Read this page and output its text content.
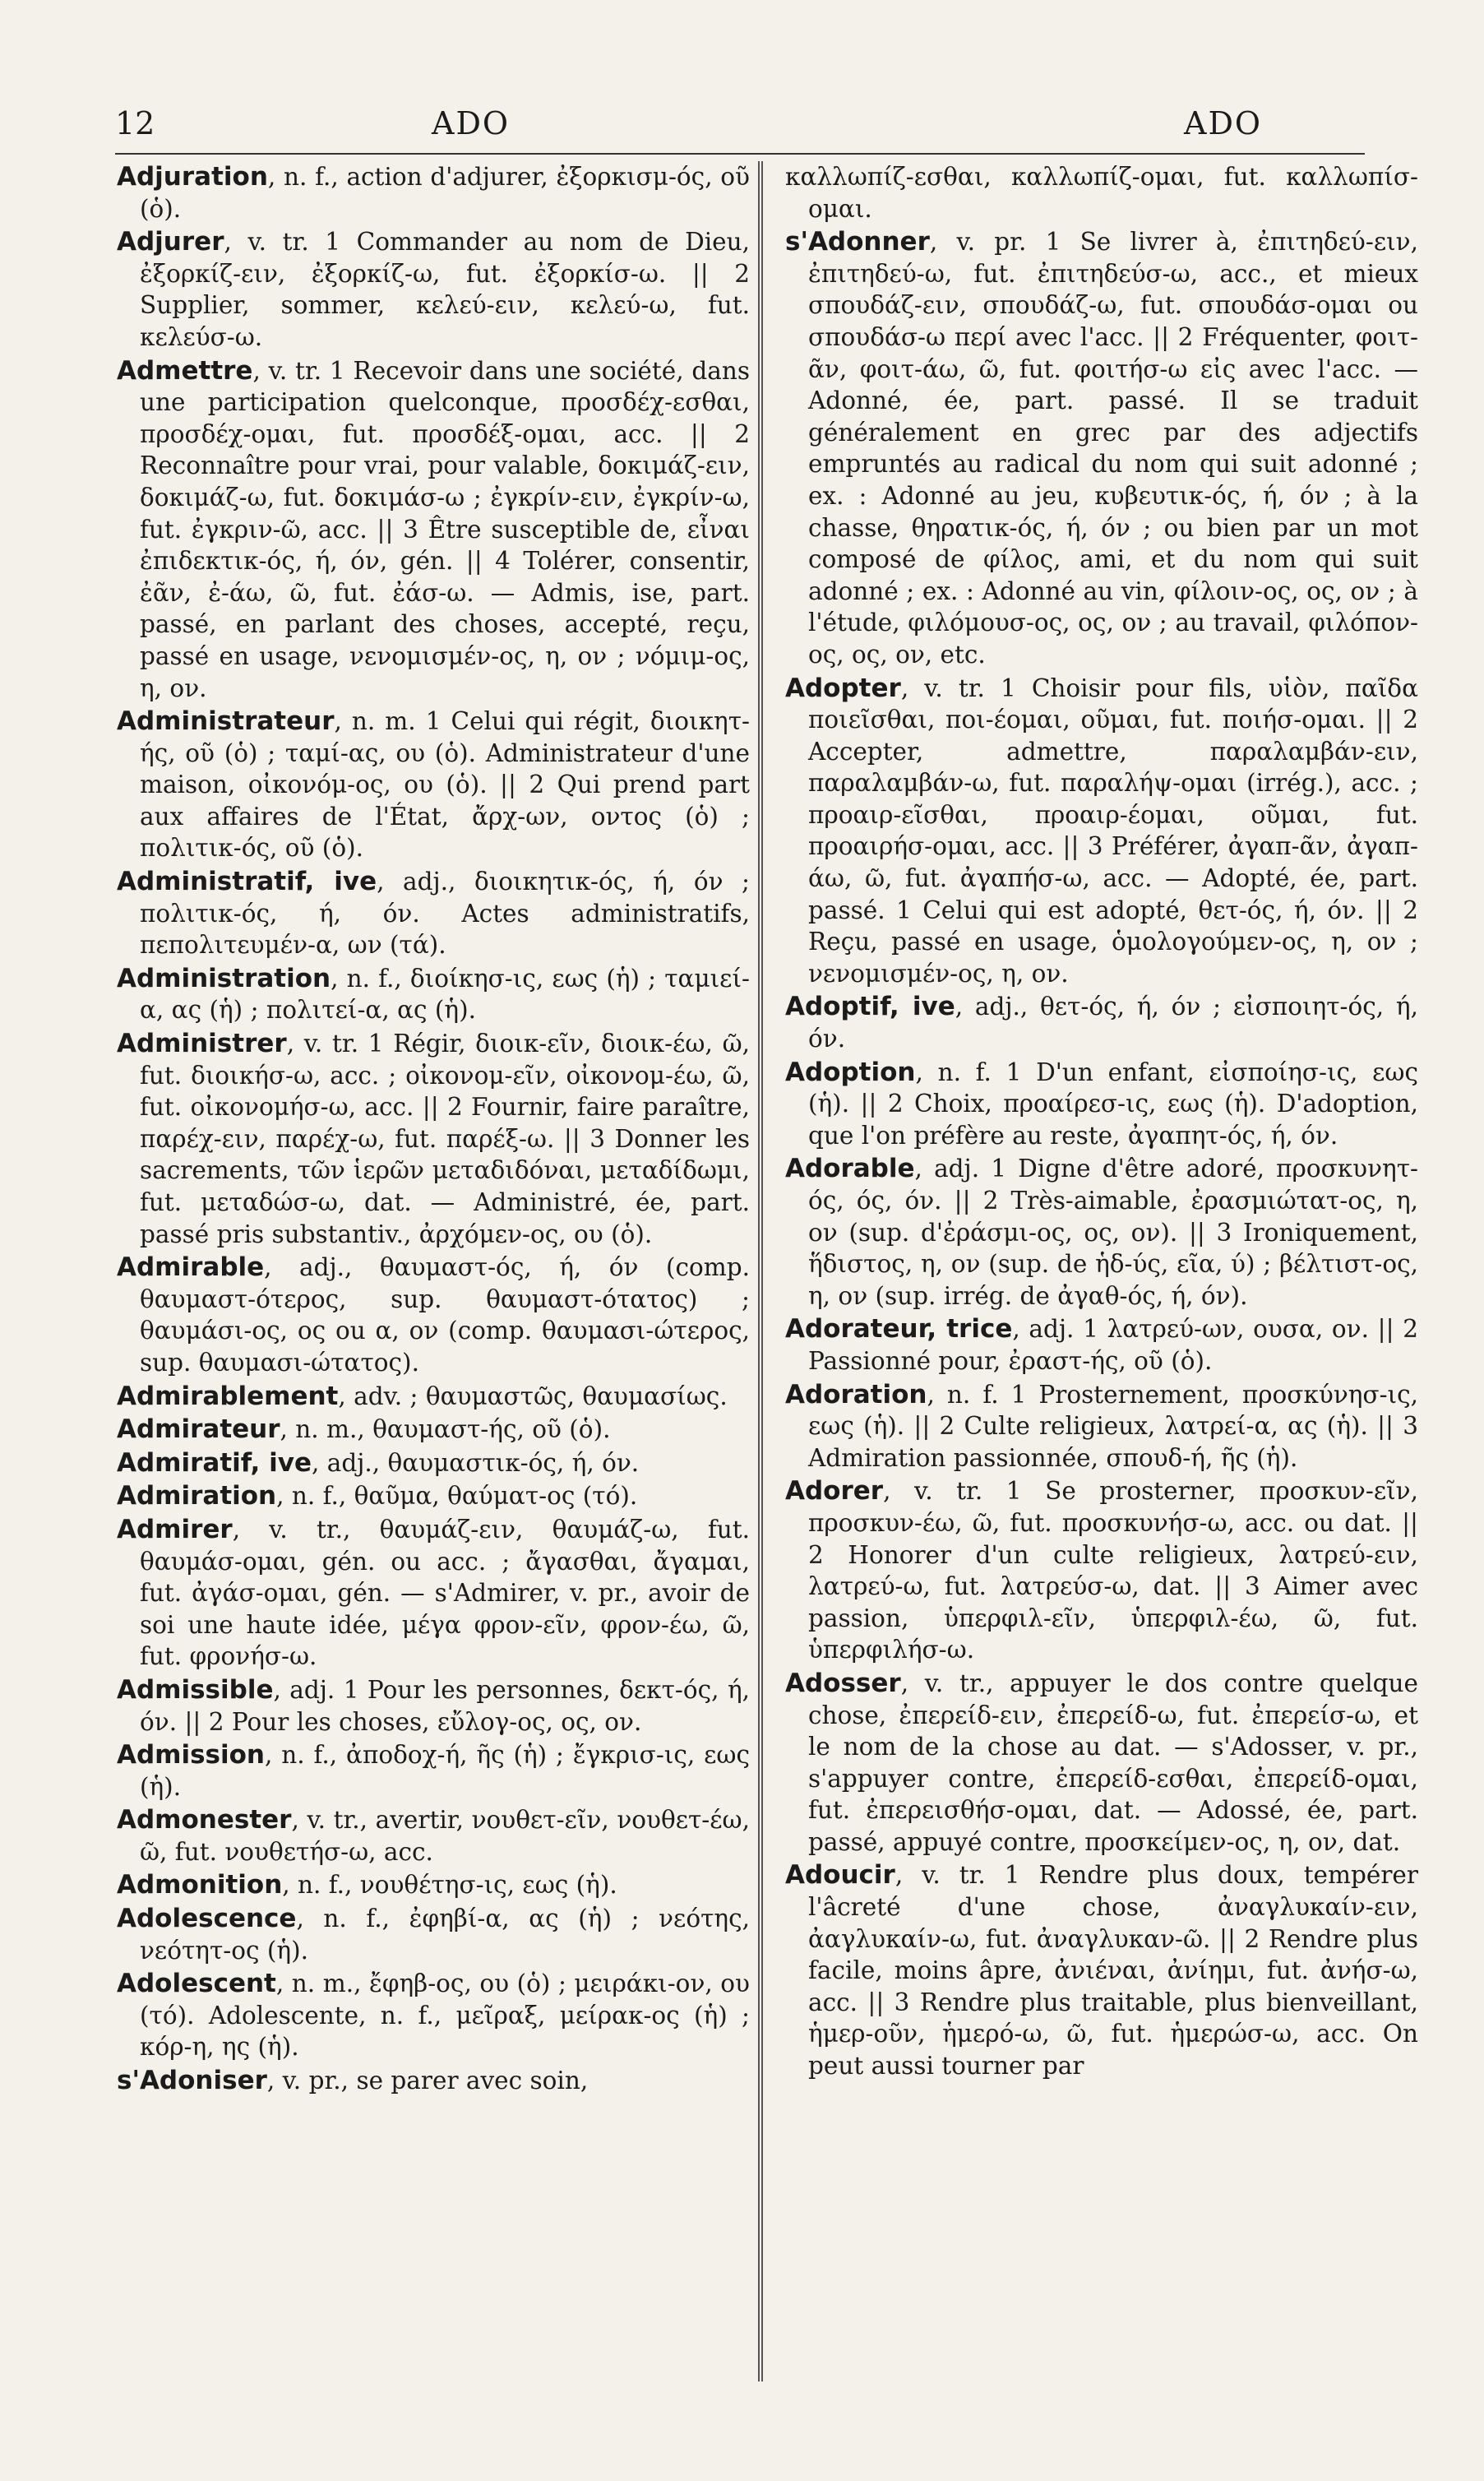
12	ADO	ADO

Adjuration, n. f., action d'adjurer, ἐξορκισμ-ός, οῦ (ὁ).

Adjurer, v. tr. 1 Commander au nom de Dieu, ἐξορκίζ-ειν, ἐξορκίζ-ω, fut. ἐξορκίσ-ω. || 2 Supplier, sommer, κελεύ-ειν, κελεύ-ω, fut. κελεύσ-ω.

Admettre, v. tr. 1 Recevoir dans une société, dans une participation quelconque, προσδέχ-εσθαι, προσδέχ-ομαι, fut. προσδέξ-ομαι, acc. || 2 Reconnaître pour vrai, pour valable, δοκιμάζ-ειν, δοκιμάζ-ω, fut. δοκιμάσ-ω ; ἐγκρίν-ειν, ἐγκρίν-ω, fut. ἐγκριν-ῶ, acc. || 3 Être susceptible de, εἶναι ἐπιδεκτικ-ός, ή, όν, gén. || 4 Tolérer, consentir, ἐᾶν, ἐ-άω, ῶ, fut. ἐάσ-ω. — Admis, ise, part. passé, en parlant des choses, accepté, reçu, passé en usage, νενομισμέν-ος, η, ον ; νόμιμ-ος, η, ον.

Administrateur, n. m. 1 Celui qui régit, διοικητ-ής, οῦ (ὁ) ; ταμί-ας, ου (ὁ). Administrateur d'une maison, οἰκονόμ-ος, ου (ὁ). || 2 Qui prend part aux affaires de l'État, ἄρχ-ων, οντος (ὁ) ; πολιτικ-ός, οῦ (ὁ).

Administratif, ive, adj., διοικητικ-ός, ή, όν ; πολιτικ-ός, ή, όν. Actes administratifs, πεπολιτευμέν-α, ων (τά).

Administration, n. f., διοίκησ-ις, εως (ἡ) ; ταμιεί-α, ας (ἡ) ; πολιτεί-α, ας (ἡ).

Administrer, v. tr. 1 Régir, διοικ-εῖν, διοικ-έω, ῶ, fut. διοικήσ-ω, acc. ; οἰκονομ-εῖν, οἰκονομ-έω, ῶ, fut. οἰκονομήσ-ω, acc. || 2 Fournir, faire paraître, παρέχ-ειν, παρέχ-ω, fut. παρέξ-ω. || 3 Donner les sacrements, τῶν ἱερῶν μεταδιδόναι, μεταδίδωμι, fut. μεταδώσ-ω, dat. — Administré, ée, part. passé pris substantiv., ἀρχόμεν-ος, ου (ὁ).

Admirable, adj., θαυμαστ-ός, ή, όν (comp. θαυμαστ-ότερος, sup. θαυμαστ-ότατος) ; θαυμάσι-ος, ος ou α, ον (comp. θαυμασι-ώτερος, sup. θαυμασι-ώτατος).

Admirablement, adv. ; θαυμαστῶς, θαυμασίως.

Admirateur, n. m., θαυμαστ-ής, οῦ (ὁ).

Admiratif, ive, adj., θαυμαστικ-ός, ή, όν.

Admiration, n. f., θαῦμα, θαύματ-ος (τό).

Admirer, v. tr., θαυμάζ-ειν, θαυμάζ-ω, fut. θαυμάσ-ομαι, gén. ou acc. ; ἄγασθαι, ἄγαμαι, fut. ἀγάσ-ομαι, gén. — s'Admirer, v. pr., avoir de soi une haute idée, μέγα φρον-εῖν, φρον-έω, ῶ, fut. φρονήσ-ω.

Admissible, adj. 1 Pour les personnes, δεκτ-ός, ή, όν. || 2 Pour les choses, εὔλογ-ος, ος, ον.

Admission, n. f., ἀποδοχ-ή, ῆς (ἡ) ; ἔγκρισ-ις, εως (ἡ).

Admonester, v. tr., avertir, νουθετ-εῖν, νουθετ-έω, ῶ, fut. νουθετήσ-ω, acc.

Admonition, n. f., νουθέτησ-ις, εως (ἡ).

Adolescence, n. f., ἐφηβί-α, ας (ἡ) ; νεότης, νεότητ-ος (ἡ).

Adolescent, n. m., ἔφηβ-ος, ου (ὁ) ; μειράκι-ον, ου (τό). Adolescente, n. f., μεῖραξ, μείρακ-ος (ἡ) ; κόρ-η, ης (ἡ).

s'Adoniser, v. pr., se parer avec soin,

καλλωπίζ-εσθαι, καλλωπίζ-ομαι, fut. καλλωπίσ-ομαι.

s'Adonner, v. pr. 1 Se livrer à, ἐπιτηδεύ-ειν, ἐπιτηδεύ-ω, fut. ἐπιτηδεύσ-ω, acc., et mieux σπουδάζ-ειν, σπουδάζ-ω, fut. σπουδάσ-ομαι ou σπουδάσ-ω περί avec l'acc. || 2 Fréquenter, φοιτ-ᾶν, φοιτ-άω, ῶ, fut. φοιτήσ-ω εἰς avec l'acc. — Adonné, ée, part. passé. Il se traduit généralement en grec par des adjectifs empruntés au radical du nom qui suit adonné ; ex. : Adonné au jeu, κυβευτικ-ός, ή, όν ; à la chasse, θηρατικ-ός, ή, όν ; ou bien par un mot composé de φίλος, ami, et du nom qui suit adonné ; ex. : Adonné au vin, φίλοιν-ος, ος, ον ; à l'étude, φιλόμουσ-ος, ος, ον ; au travail, φιλόπον-ος, ος, ον, etc.

Adopter, v. tr. 1 Choisir pour fils, υἱὸν, παῖδα ποιεῖσθαι, ποι-έομαι, οῦμαι, fut. ποιήσ-ομαι. || 2 Accepter, admettre, παραλαμβάν-ειν, παραλαμβάν-ω, fut. παραλήψ-ομαι (irrég.), acc. ; προαιρ-εῖσθαι, προαιρ-έομαι, οῦμαι, fut. προαιρήσ-ομαι, acc. || 3 Préférer, ἀγαπ-ᾶν, ἀγαπ-άω, ῶ, fut. ἀγαπήσ-ω, acc. — Adopté, ée, part. passé. 1 Celui qui est adopté, θετ-ός, ή, όν. || 2 Reçu, passé en usage, ὁμολογούμεν-ος, η, ον ; νενομισμέν-ος, η, ον.

Adoptif, ive, adj., θετ-ός, ή, όν ; εἰσποιητ-ός, ή, όν.

Adoption, n. f. 1 D'un enfant, εἰσποίησ-ις, εως (ἡ). || 2 Choix, προαίρεσ-ις, εως (ἡ). D'adoption, que l'on préfère au reste, ἀγαπητ-ός, ή, όν.

Adorable, adj. 1 Digne d'être adoré, προσκυνητ-ός, ός, όν. || 2 Très-aimable, ἐρασμιώτατ-ος, η, ον (sup. d'ἐράσμι-ος, ος, ον). || 3 Ironiquement, ἥδιστος, η, ον (sup. de ἡδ-ύς, εῖα, ύ) ; βέλτιστ-ος, η, ον (sup. irrég. de ἀγαθ-ός, ή, όν).

Adorateur, trice, adj. 1 λατρεύ-ων, ουσα, ον. || 2 Passionné pour, ἐραστ-ής, οῦ (ὁ).

Adoration, n. f. 1 Prosternement, προσκύνησ-ις, εως (ἡ). || 2 Culte religieux, λατρεί-α, ας (ἡ). || 3 Admiration passionnée, σπουδ-ή, ῆς (ἡ).

Adorer, v. tr. 1 Se prosterner, προσκυν-εῖν, προσκυν-έω, ῶ, fut. προσκυνήσ-ω, acc. ou dat. || 2 Honorer d'un culte religieux, λατρεύ-ειν, λατρεύ-ω, fut. λατρεύσ-ω, dat. || 3 Aimer avec passion, ὑπερφιλ-εῖν, ὑπερφιλ-έω, ῶ, fut. ὑπερφιλήσ-ω.

Adosser, v. tr., appuyer le dos contre quelque chose, ἐπερείδ-ειν, ἐπερείδ-ω, fut. ἐπερείσ-ω, et le nom de la chose au dat. — s'Adosser, v. pr., s'appuyer contre, ἐπερείδ-εσθαι, ἐπερείδ-ομαι, fut. ἐπερεισθήσ-ομαι, dat. — Adossé, ée, part. passé, appuyé contre, προσκείμεν-ος, η, ον, dat.

Adoucir, v. tr. 1 Rendre plus doux, tempérer l'âcreté d'une chose, ἀναγλυκαίν-ειν, ἀαγλυκαίν-ω, fut. ἀναγλυκαν-ῶ. || 2 Rendre plus facile, moins âpre, ἀνιέναι, ἀνίημι, fut. ἀνήσ-ω, acc. || 3 Rendre plus traitable, plus bienveillant, ἡμερ-οῦν, ἡμερό-ω, ῶ, fut. ἡμερώσ-ω, acc. On peut aussi tourner par
